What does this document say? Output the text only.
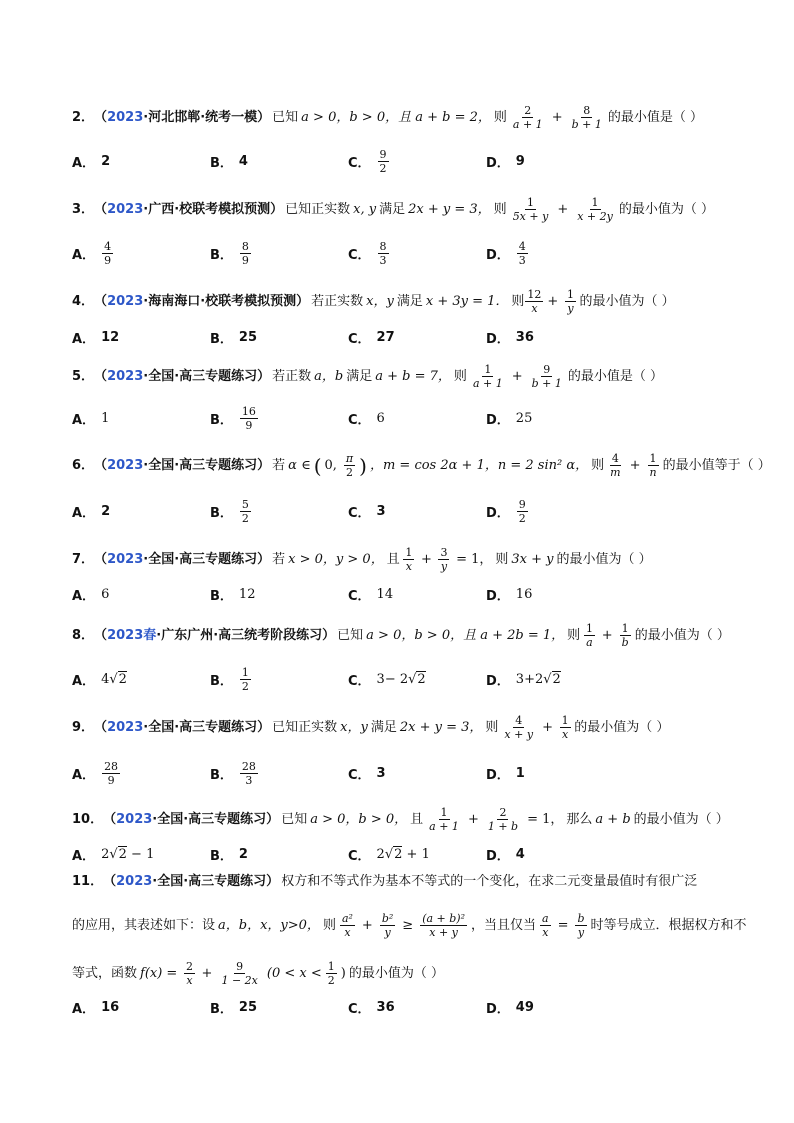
2． （2023·河北邯郸·统考一模） 已知 a > 0，b > 0，且 a + b = 2， 则 $\frac{2}{a + 1} + \frac{8}{b + 1}$ 的最小值是（ ）
A． 2	B． 4	C． $\frac{9}{2}$	D． 9
3． （2023·广西·校联考模拟预测） 已知正实数 x, y 满足 2x + y = 3， 则 $\frac{1}{5x + y} + \frac{1}{x + 2y}$ 的最小值为（ ）
A． $\frac{4}{9}$	B． $\frac{8}{9}$	C． $\frac{8}{3}$	D． $\frac{4}{3}$
4． （2023·海南海口·校联考模拟预测） 若正实数 x，y 满足 x + 3y = 1． 则 $\frac{12}{x} + \frac{1}{y}$ 的最小值为（ ）
A． 12	B． 25	C． 27	D． 36
5． （2023·全国·高三专题练习） 若正数 a，b 满足 a + b = 7， 则 $\frac{1}{a + 1} + \frac{9}{b + 1}$ 的最小值是（ ）
A． 1	B． $\frac{16}{9}$	C． 6	D． 25
6． （2023·全国·高三专题练习） 若 α ∈ ( 0, $\frac{\pi}{2}$ ) ，m = cos 2α + 1，n = 2 sin² α， 则 $\frac{4}{m} + \frac{1}{n}$ 的最小值等于（ ）
A． 2	B． $\frac{5}{2}$	C． 3	D． $\frac{9}{2}$
7． （2023·全国·高三专题练习） 若 x > 0，y > 0， 且 $\frac{1}{x} + \frac{3}{y} = 1$， 则 3x + y 的最小值为（ ）
A． 6	B． 12	C． 14	D． 16
8． （2023春·广东广州·高三统考阶段练习） 已知 a > 0，b > 0，且 a + 2b = 1， 则 $\frac{1}{a} + \frac{1}{b}$ 的最小值为（ ）
A． 4√2	B． $\frac{1}{2}$	C． 3− 2√2	D． 3+2√2
9． （2023·全国·高三专题练习） 已知正实数 x，y 满足 2x + y = 3， 则 $\frac{4}{x + y} + \frac{1}{x}$ 的最小值为（ ）
A． $\frac{28}{9}$	B． $\frac{28}{3}$	C． 3	D． 1
10． （2023·全国·高三专题练习） 已知 a > 0，b > 0， 且 $\frac{1}{a + 1} + \frac{2}{1 + b} = 1$， 那么 a + b 的最小值为（ ）
A． 2√2 − 1	B． 2	C． 2√2 + 1	D． 4
11． （2023·全国·高三专题练习） 权方和不等式作为基本不等式的一个变化，在求二元变量最值时有很广泛
的应用，其表述如下：设 a，b，x，y>0， 则 $\frac{\text{a²}}{x} + \frac{\text{b²}}{y} \ge \frac{\text{(a + b)²}}{x + y}$ ，当且仅当 $\frac{a}{x} = \frac{b}{y}$ 时等号成立．根据权方和不
等式，函数 $f(x) = \frac{2}{x} + \frac{9}{1 - 2x} (0 < x < \frac{1}{2}$ ) 的最小值为（ ）
A． 16	B． 25	C． 36	D． 49
